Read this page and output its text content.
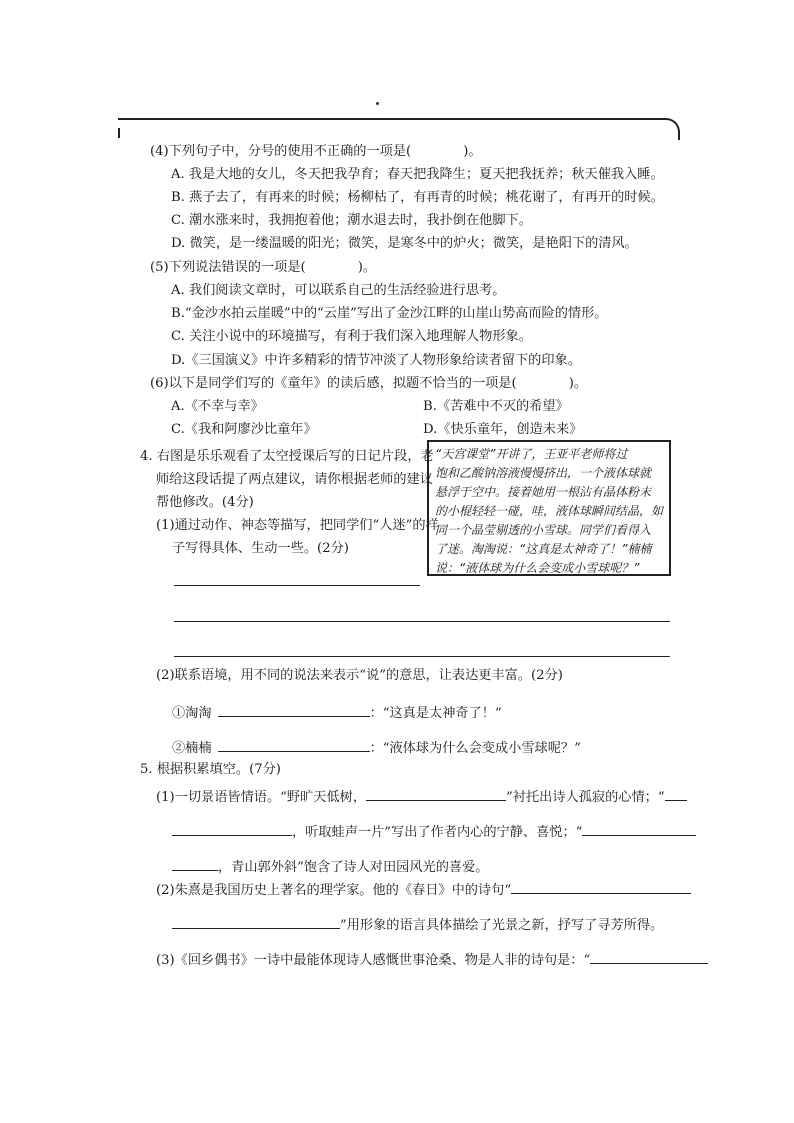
(4)下列句子中，分号的使用不正确的一项是(	)。
A. 我是大地的女儿，冬天把我孕育；春天把我降生；夏天把我抚养；秋天催我入睡。
B. 燕子去了，有再来的时候；杨柳枯了，有再青的时候；桃花谢了，有再开的时候。
C. 潮水涨来时，我拥抱着他；潮水退去时，我扑倒在他脚下。
D. 微笑，是一缕温暖的阳光；微笑，是寒冬中的炉火；微笑，是艳阳下的清风。
(5)下列说法错误的一项是(	)。
A. 我们阅读文章时，可以联系自己的生活经验进行思考。
B.“金沙水拍云崖暖”中的“云崖”写出了金沙江畔的山崖山势高而险的情形。
C. 关注小说中的环境描写，有利于我们深入地理解人物形象。
D.《三国演义》中许多精彩的情节冲淡了人物形象给读者留下的印象。
(6)以下是同学们写的《童年》的读后感，拟题不恰当的一项是(	)。
A.《不幸与幸》	B.《苦难中不灭的希望》
C.《我和阿廖沙比童年》	D.《快乐童年，创造未来》
4. 右图是乐乐观看了太空授课后写的日记片段，老
师给这段话提了两点建议，请你根据老师的建议
帮他修改。(4分)
(1)通过动作、神态等描写，把同学们“人迷”的样
子写得具体、生动一些。(2分)
“天宫课堂”开讲了，王亚平老师将过
饱和乙酸钠溶液慢慢挤出，一个液体球就
悬浮于空中。接着她用一根沾有晶体粉末
的小棍轻轻一碰，哇，液体球瞬间结晶，如
同一个晶莹剔透的小雪球。同学们看得入
了迷。淘淘说：“这真是太神奇了！”楠楠
说：“液体球为什么会变成小雪球呢？”
(2)联系语境，用不同的说法来表示“说”的意思，让表达更丰富。(2分)
①淘淘	：“这真是太神奇了！”
②楠楠	：“液体球为什么会变成小雪球呢？”
5. 根据积累填空。(7分)
(1)一切景语皆情语。“野旷天低树，	”衬托出诗人孤寂的心情；“
，听取蛙声一片”写出了作者内心的宁静、喜悦；“
，青山郭外斜”饱含了诗人对田园风光的喜爱。
(2)朱熹是我国历史上著名的理学家。他的《春日》中的诗句“
”用形象的语言具体描绘了光景之新，抒写了寻芳所得。
(3)《回乡偶书》一诗中最能体现诗人感慨世事沧桑、物是人非的诗句是：“
